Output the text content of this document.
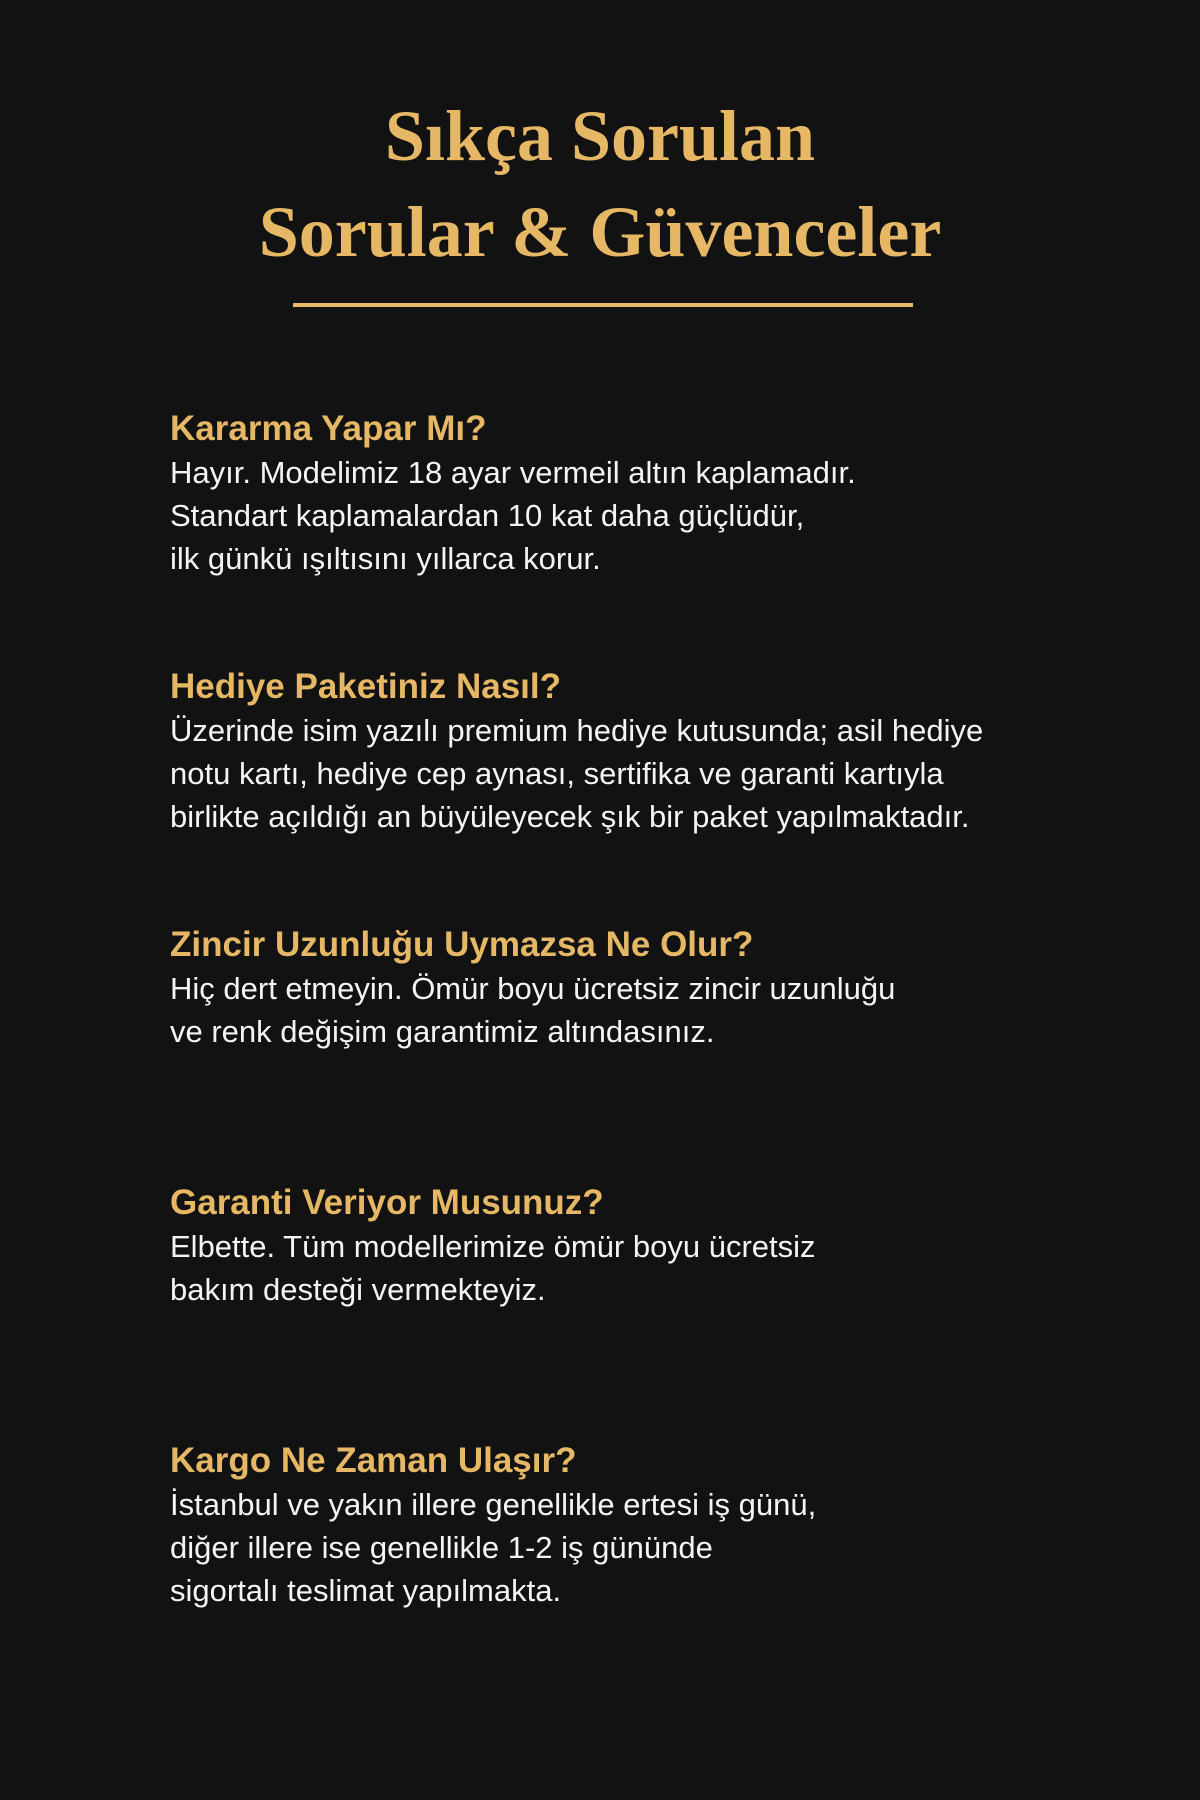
Sıkça Sorulan
Sorular & Güvenceler
Kararma Yapar Mı?

Hayır. Modelimiz 18 ayar vermeil altın kaplamadır.
Standart kaplamalardan 10 kat daha güçlüdür,
ilk günkü ışıltısını yıllarca korur.

Hediye Paketiniz Nasıl?

Üzerinde isim yazılı premium hediye kutusunda; asil hediye
notu kartı, hediye cep aynası, sertifika ve garanti kartıyla
birlikte açıldığı an büyüleyecek şık bir paket yapılmaktadır.

Zincir Uzunluğu Uymazsa Ne Olur?

Hiç dert etmeyin. Ömür boyu ücretsiz zincir uzunluğu
ve renk değişim garantimiz altındasınız.

Garanti Veriyor Musunuz?

Elbette. Tüm modellerimize ömür boyu ücretsiz
bakım desteği vermekteyiz.

Kargo Ne Zaman Ulaşır?

İstanbul ve yakın illere genellikle ertesi iş günü,
diğer illere ise genellikle 1-2 iş gününde
sigortalı teslimat yapılmakta.
